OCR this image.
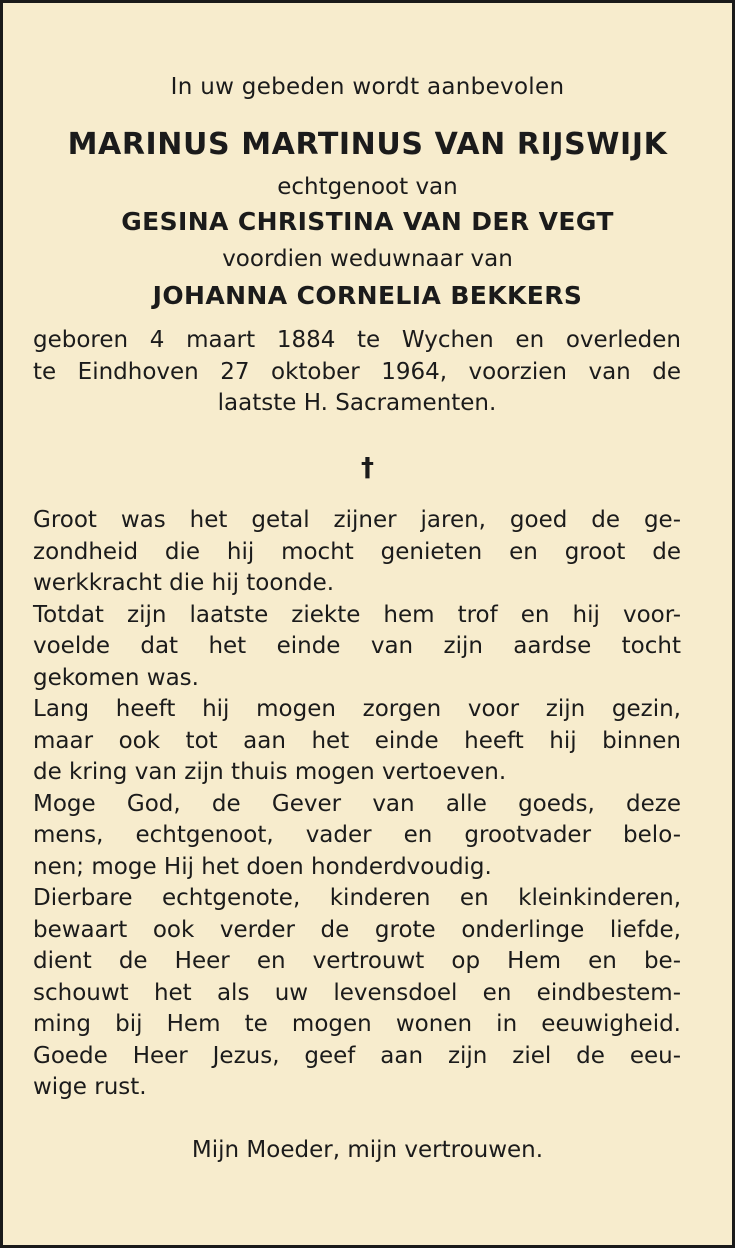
In uw gebeden wordt aanbevolen
MARINUS MARTINUS VAN RIJSWIJK
echtgenoot van
GESINA CHRISTINA VAN DER VEGT
voordien weduwnaar van
JOHANNA CORNELIA BEKKERS
geboren 4 maart 1884 te Wychen en overleden
te Eindhoven 27 oktober 1964, voorzien van de
laatste H. Sacramenten.
†
Groot was het getal zijner jaren, goed de ge-
zondheid die hij mocht genieten en groot de
werkkracht die hij toonde.
Totdat zijn laatste ziekte hem trof en hij voor-
voelde dat het einde van zijn aardse tocht
gekomen was.
Lang heeft hij mogen zorgen voor zijn gezin,
maar ook tot aan het einde heeft hij binnen
de kring van zijn thuis mogen vertoeven.
Moge God, de Gever van alle goeds, deze
mens, echtgenoot, vader en grootvader belo-
nen; moge Hij het doen honderdvoudig.
Dierbare echtgenote, kinderen en kleinkinderen,
bewaart ook verder de grote onderlinge liefde,
dient de Heer en vertrouwt op Hem en be-
schouwt het als uw levensdoel en eindbestem-
ming bij Hem te mogen wonen in eeuwigheid.
Goede Heer Jezus, geef aan zijn ziel de eeu-
wige rust.
Mijn Moeder, mijn vertrouwen.
